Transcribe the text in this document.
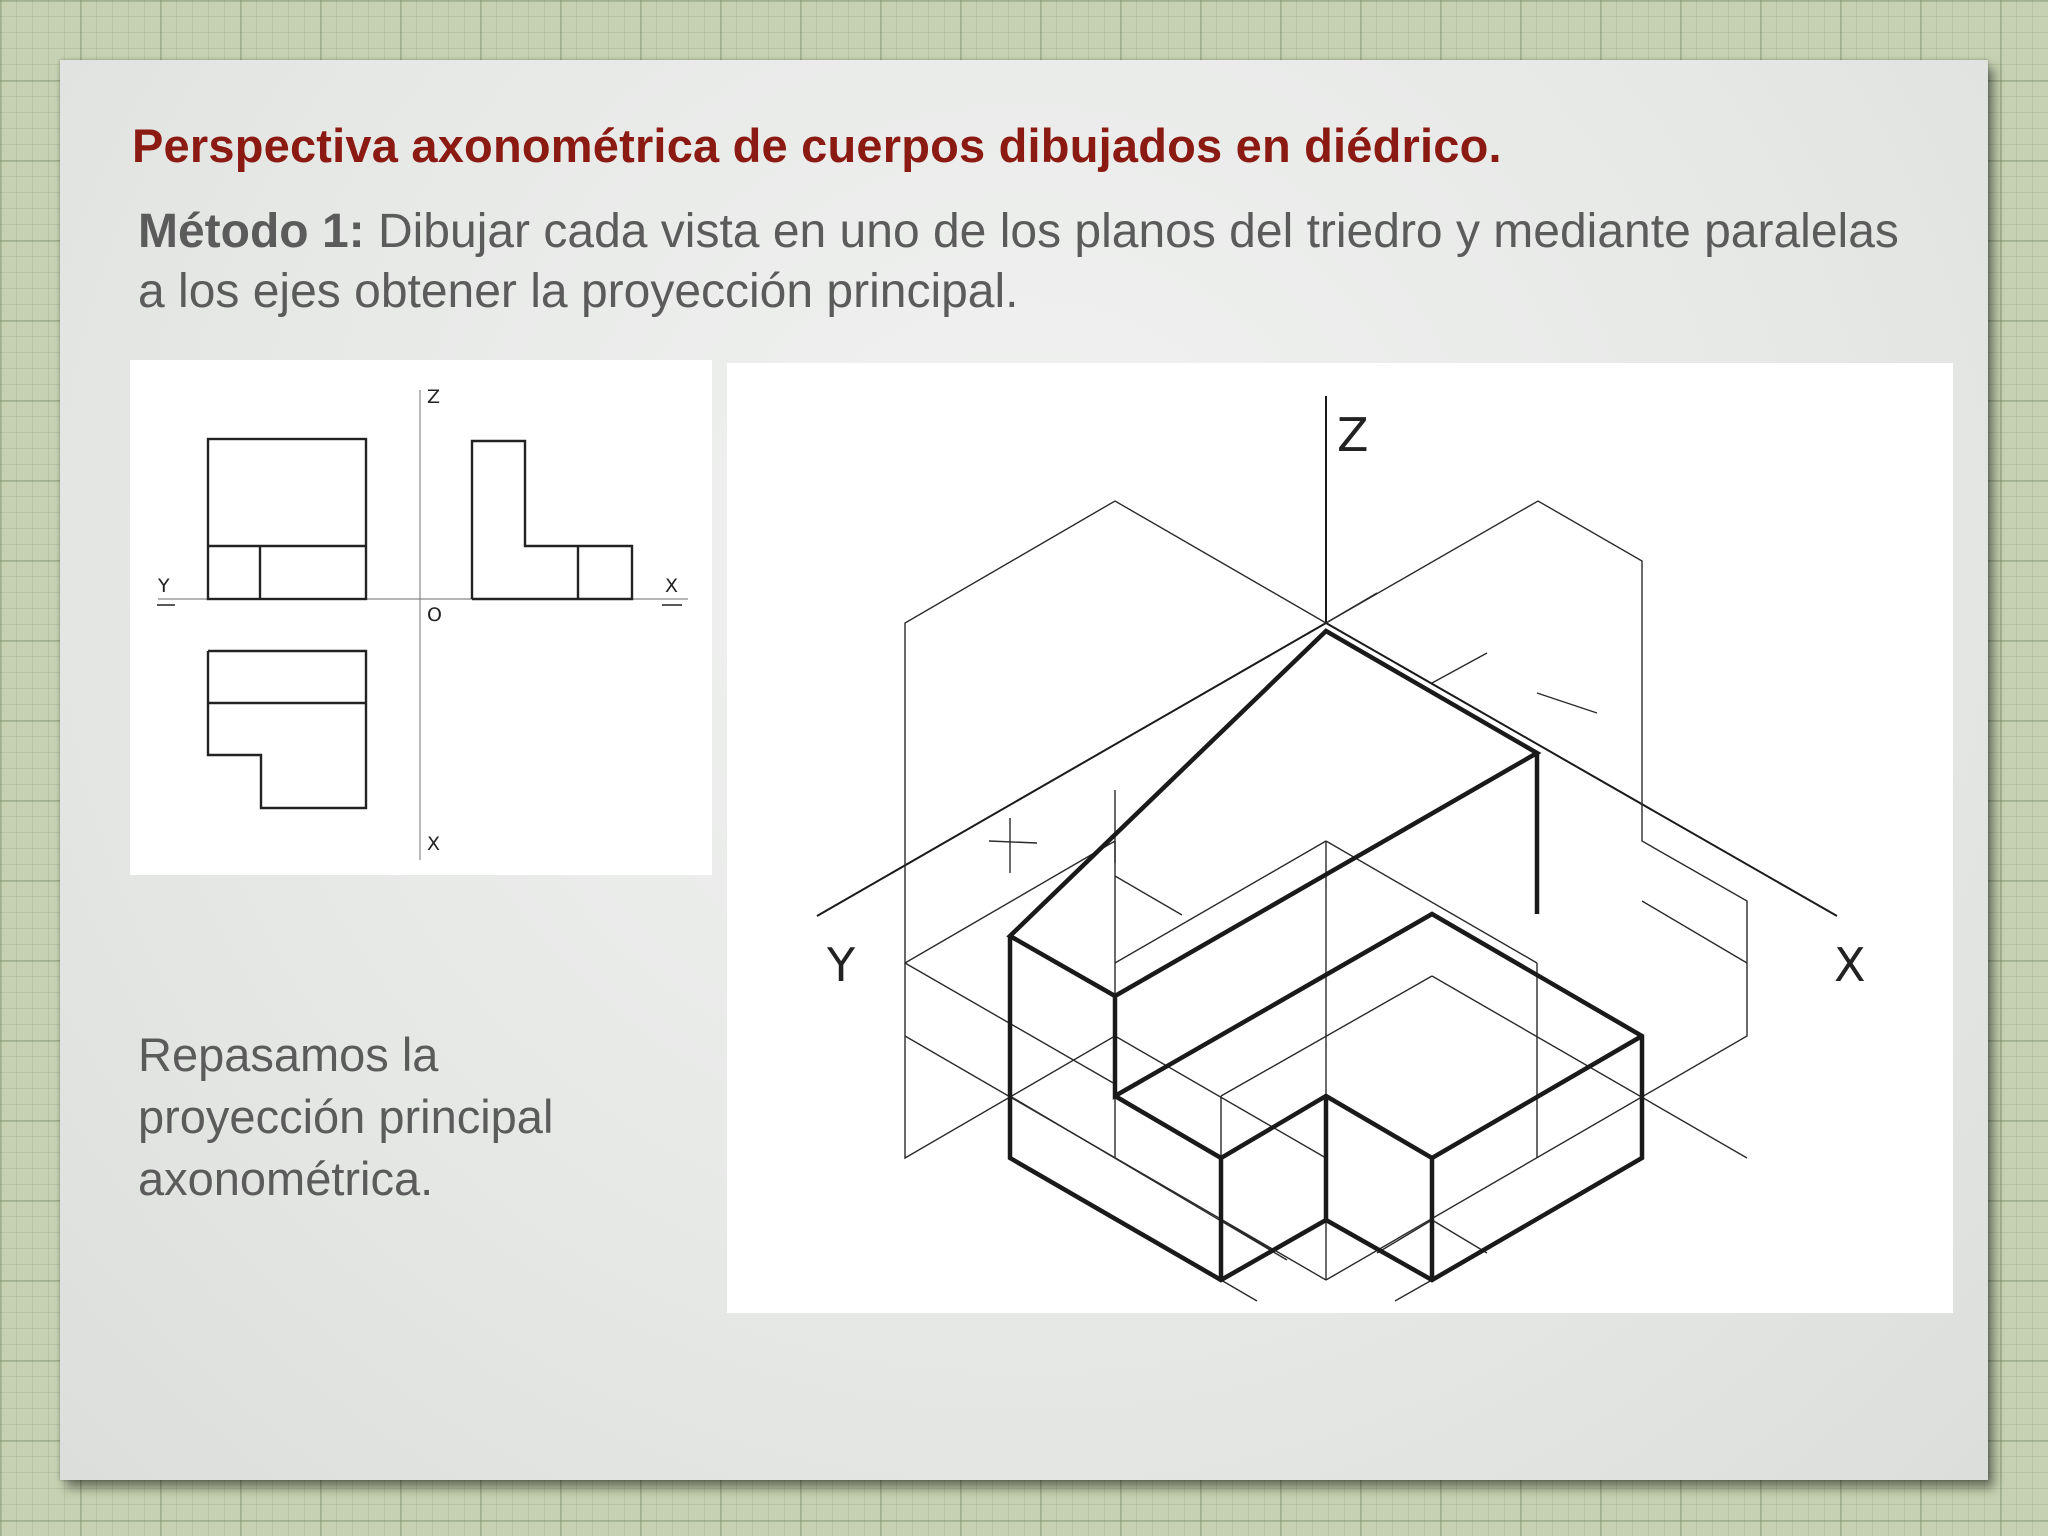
Perspectiva axonométrica de cuerpos dibujados en diédrico.

Método 1: Dibujar cada vista en uno de los planos del triedro y mediante paralelas a los ejes obtener la proyección principal.

Z
Y	X
O
X
Z
Y	X

Repasamos la proyección principal axonométrica.
